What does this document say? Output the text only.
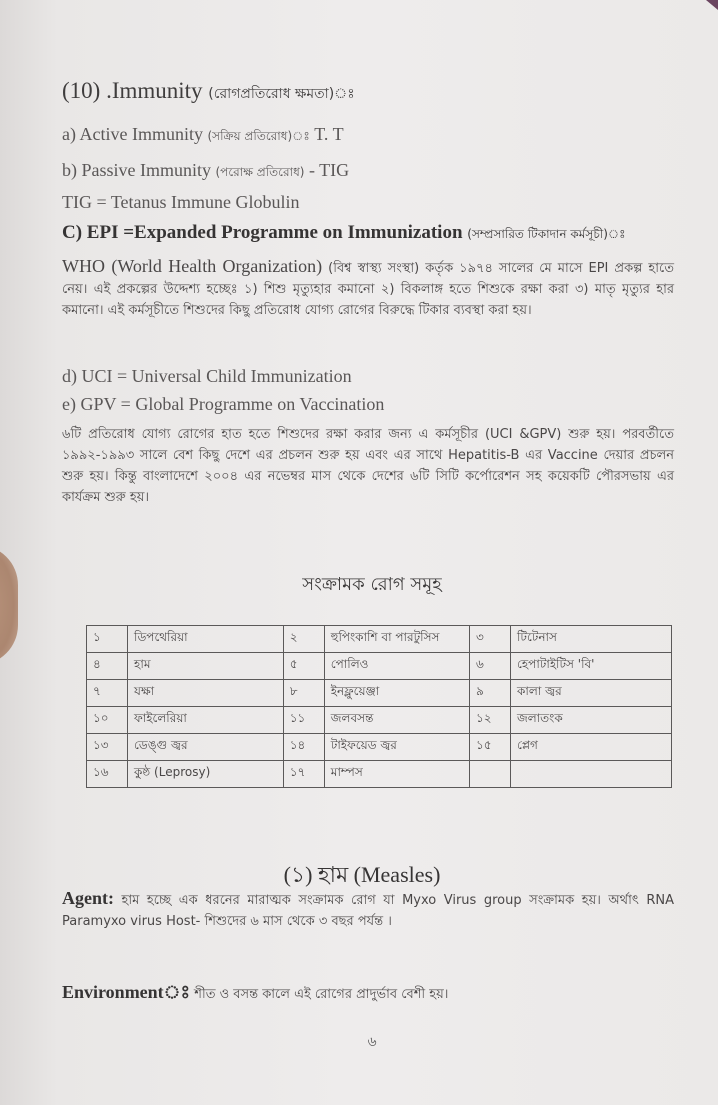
(10) .Immunity (রোগপ্রতিরোধ ক্ষমতা)ঃ
a) Active Immunity (সক্রিয় প্রতিরোধ)ঃ T. T
b) Passive Immunity (পরোক্ষ প্রতিরোধ) - TIG
TIG = Tetanus Immune Globulin
C) EPI =Expanded Programme on Immunization (সম্প্রসারিত টিকাদান কর্মসূচী)ঃ
WHO (World Health Organization) (বিশ্ব স্বাস্থ্য সংস্থা) কর্তৃক ১৯৭৪ সালের মে মাসে EPI প্রকল্প হাতে নেয়। এই প্রকল্পের উদ্দেশ্য হচ্ছেঃ ১) শিশু মৃত্যুহার কমানো ২) বিকলাঙ্গ হতে শিশুকে রক্ষা করা ৩) মাতৃ মৃত্যুর হার কমানো। এই কর্মসূচীতে শিশুদের কিছু প্রতিরোধ যোগ্য রোগের বিরুদ্ধে টিকার ব্যবস্থা করা হয়।
d) UCI = Universal Child Immunization
e) GPV = Global Programme on Vaccination
৬টি প্রতিরোধ যোগ্য রোগের হাত হতে শিশুদের রক্ষা করার জন্য এ কর্মসূচীর (UCI &GPV) শুরু হয়। পরবর্তীতে ১৯৯২-১৯৯৩ সালে বেশ কিছু দেশে এর প্রচলন শুরু হয় এবং এর সাথে Hepatitis-B এর Vaccine দেয়ার প্রচলন শুরু হয়। কিন্তু বাংলাদেশে ২০০৪ এর নভেম্বর মাস থেকে দেশের ৬টি সিটি কর্পোরেশন সহ কয়েকটি পৌরসভায় এর কার্যক্রম শুরু হয়।
সংক্রামক রোগ সমূহ
১	ডিপথেরিয়া	২	হুপিংকাশি বা পারটুসিস	৩	টিটেনাস
৪	হাম	৫	পোলিও	৬	হেপাটাইটিস 'বি'
৭	যক্ষা	৮	ইনফ্লুয়েঞ্জা	৯	কালা জ্বর
১০	ফাইলেরিয়া	১১	জলবসন্ত	১২	জলাতংক
১৩	ডেঙ্গু জ্বর	১৪	টাইফয়েড জ্বর	১৫	প্লেগ
১৬	কুষ্ঠ (Leprosy)	১৭	মাম্পস		
(১) হাম (Measles)
Agent: হাম হচ্ছে এক ধরনের মারাত্মক সংক্রামক রোগ যা Myxo Virus group সংক্রামক হয়। অর্থাৎ RNA Paramyxo virus Host- শিশুদের ৬ মাস থেকে ৩ বছর পর্যন্ত ।
Environmentঃ শীত ও বসন্ত কালে এই রোগের প্রাদুর্ভাব বেশী হয়।
৬
